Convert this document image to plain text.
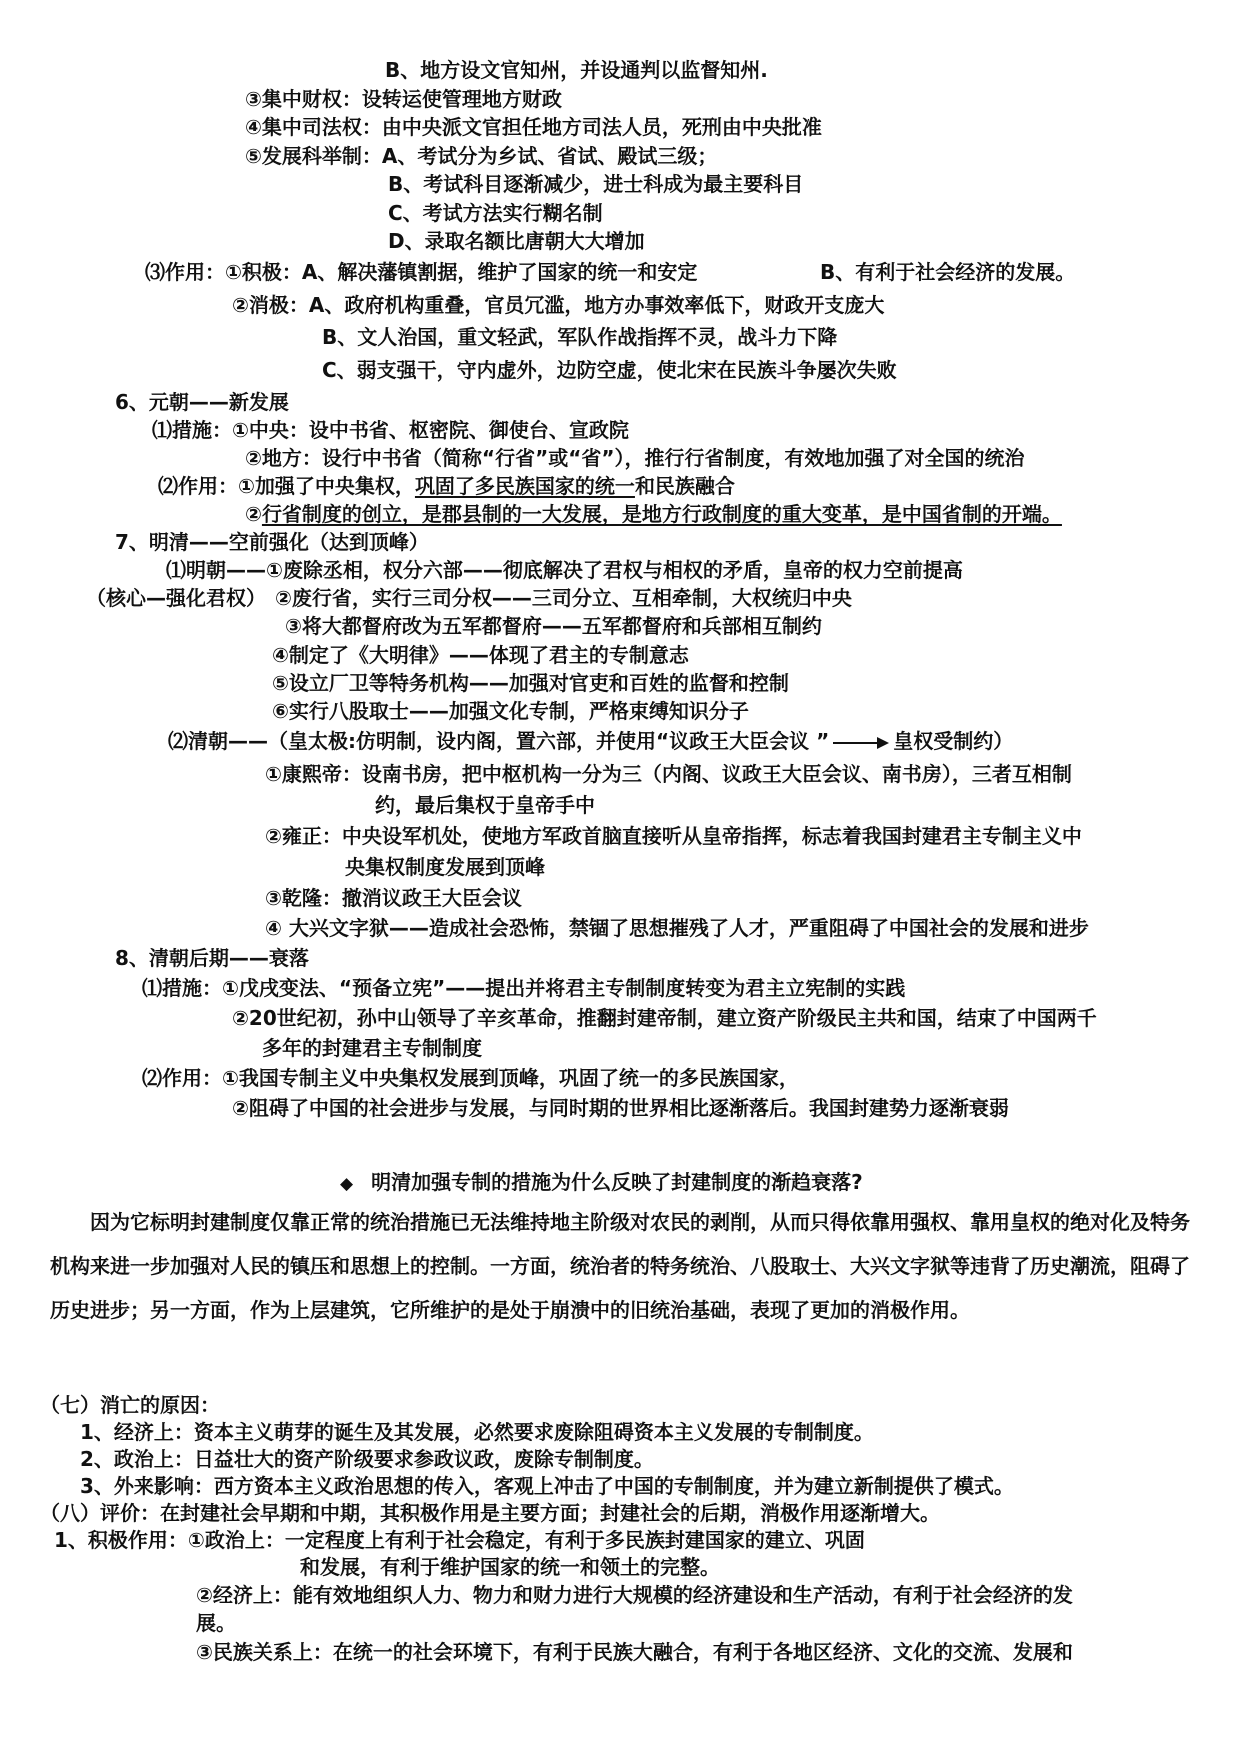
B、地方设文官知州，并设通判以监督知州.
③集中财权：设转运使管理地方财政
④集中司法权：由中央派文官担任地方司法人员，死刑由中央批准
⑤发展科举制：A、考试分为乡试、省试、殿试三级；
B、考试科目逐渐减少，进士科成为最主要科目
C、考试方法实行糊名制
D、录取名额比唐朝大大增加
⑶作用：①积极：A、解决藩镇割据，维护了国家的统一和安定	B、有利于社会经济的发展。
②消极：A、政府机构重叠，官员冗滥，地方办事效率低下，财政开支庞大
B、文人治国，重文轻武，军队作战指挥不灵，战斗力下降
C、弱支强干，守内虚外，边防空虚，使北宋在民族斗争屡次失败
6、元朝——新发展
⑴措施：①中央：设中书省、枢密院、御使台、宣政院
②地方：设行中书省（简称“行省”或“省”），推行行省制度，有效地加强了对全国的统治
⑵作用：①加强了中央集权，巩固了多民族国家的统一和民族融合
②行省制度的创立，是郡县制的一大发展，是地方行政制度的重大变革，是中国省制的开端。
7、明清——空前强化（达到顶峰）
⑴明朝——①废除丞相，权分六部——彻底解决了君权与相权的矛盾，皇帝的权力空前提高
（核心—强化君权） ②废行省，实行三司分权——三司分立、互相牵制，大权统归中央
③将大都督府改为五军都督府——五军都督府和兵部相互制约
④制定了《大明律》——体现了君主的专制意志
⑤设立厂卫等特务机构——加强对官吏和百姓的监督和控制
⑥实行八股取士——加强文化专制，严格束缚知识分子
⑵清朝——（皇太极:仿明制，设内阁，置六部，并使用“议政王大臣会议 ”	皇权受制约）
①康熙帝：设南书房，把中枢机构一分为三（内阁、议政王大臣会议、南书房），三者互相制
约，最后集权于皇帝手中
②雍正：中央设军机处，使地方军政首脑直接听从皇帝指挥，标志着我国封建君主专制主义中
央集权制度发展到顶峰
③乾隆：撤消议政王大臣会议
④ 大兴文字狱——造成社会恐怖，禁锢了思想摧残了人才，严重阻碍了中国社会的发展和进步
8、清朝后期——衰落
⑴措施：①戊戌变法、“预备立宪”——提出并将君主专制制度转变为君主立宪制的实践
②20世纪初，孙中山领导了辛亥革命，推翻封建帝制，建立资产阶级民主共和国，结束了中国两千
多年的封建君主专制制度
⑵作用：①我国专制主义中央集权发展到顶峰，巩固了统一的多民族国家，
②阻碍了中国的社会进步与发展，与同时期的世界相比逐渐落后。我国封建势力逐渐衰弱
◆ 明清加强专制的措施为什么反映了封建制度的渐趋衰落?

因为它标明封建制度仅靠正常的统治措施已无法维持地主阶级对农民的剥削，从而只得依靠用强权、靠用皇权的绝对化及特务机构来进一步加强对人民的镇压和思想上的控制。一方面，统治者的特务统治、八股取士、大兴文字狱等违背了历史潮流，阻碍了历史进步；另一方面，作为上层建筑，它所维护的是处于崩溃中的旧统治基础，表现了更加的消极作用。

（七）消亡的原因：
1、经济上：资本主义萌芽的诞生及其发展，必然要求废除阻碍资本主义发展的专制制度。
2、政治上：日益壮大的资产阶级要求参政议政，废除专制制度。
3、外来影响：西方资本主义政治思想的传入，客观上冲击了中国的专制制度，并为建立新制提供了模式。
（八）评价：在封建社会早期和中期，其积极作用是主要方面；封建社会的后期，消极作用逐渐增大。
1、积极作用：①政治上：一定程度上有利于社会稳定，有利于多民族封建国家的建立、巩固
和发展，有利于维护国家的统一和领土的完整。
②经济上：能有效地组织人力、物力和财力进行大规模的经济建设和生产活动，有利于社会经济的发
展。
③民族关系上：在统一的社会环境下，有利于民族大融合，有利于各地区经济、文化的交流、发展和
